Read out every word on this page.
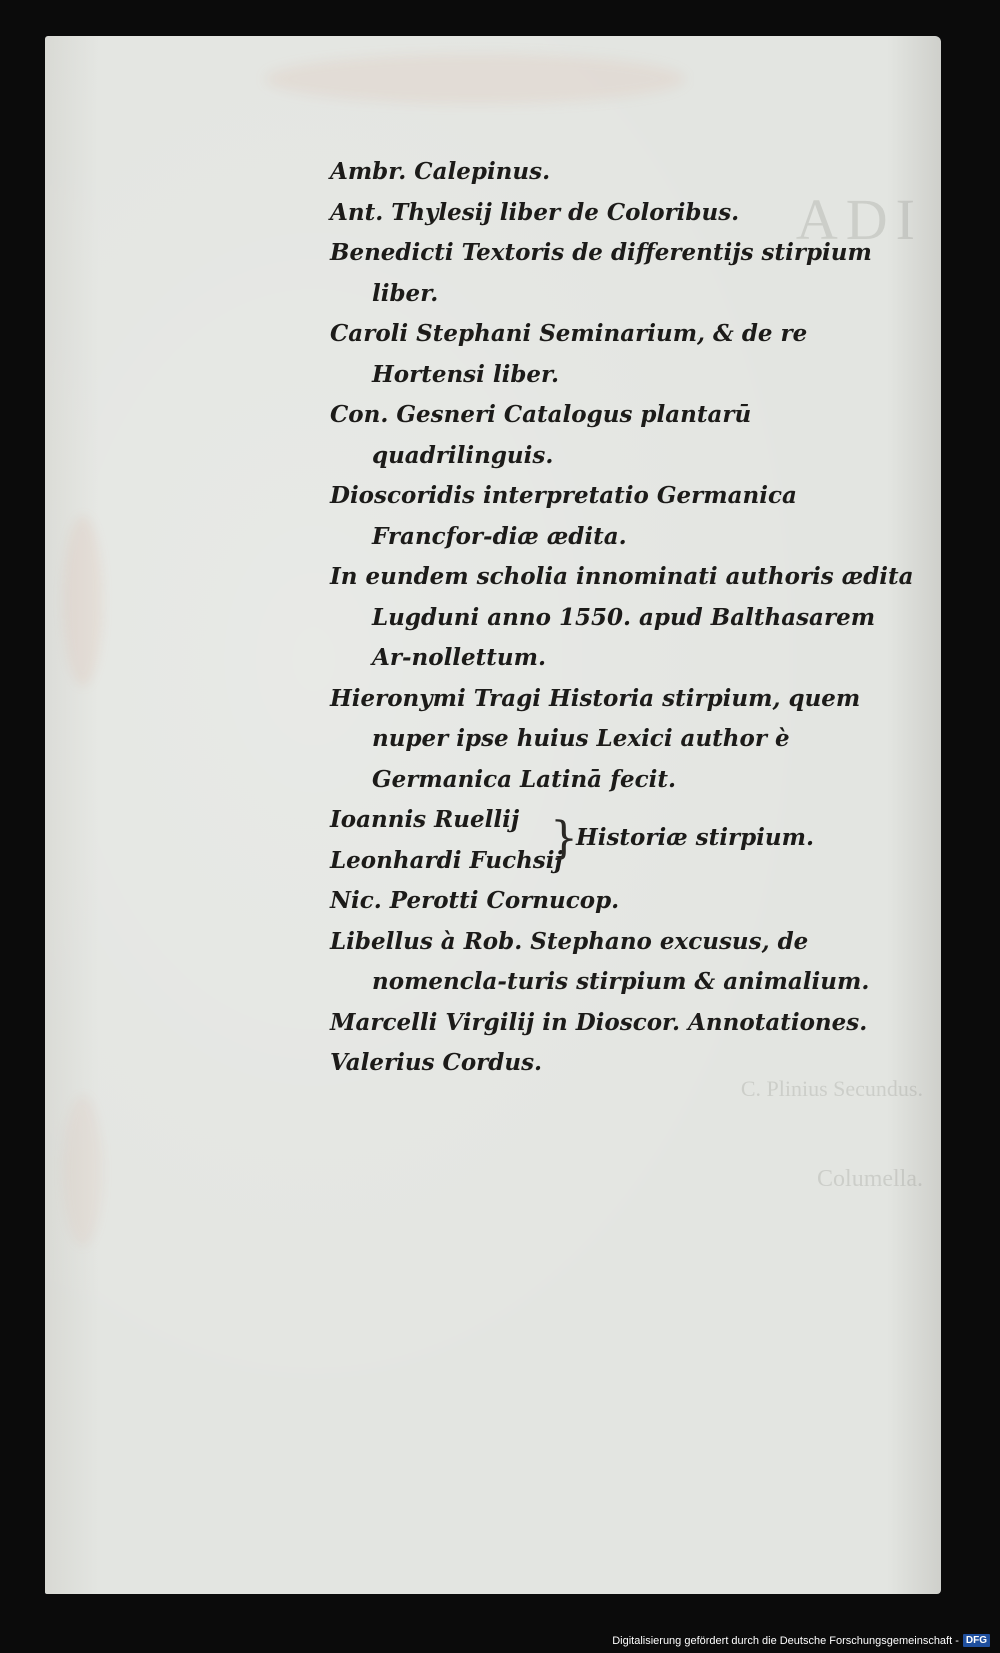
ADI
C. Plinius Secundus.
Columella.
Ambr. Calepinus.
Ant. Thylesij liber de Coloribus.
Benedicti Textoris de differentijs stirpium liber.
Caroli Stephani Seminarium, & de re Hortensi liber.
Con. Gesneri Catalogus plantarū quadrilinguis.
Dioscoridis interpretatio Germanica Francfor-diæ ædita.
In eundem scholia innominati authoris ædita Lugduni anno 1550. apud Balthasarem Ar-nollettum.
Hieronymi Tragi Historia stirpium, quem nuper ipse huius Lexici author è Germanica Latinā fecit.
Ioannis Ruellij
Leonhardi Fuchsij
}
Historiæ stirpium.
Nic. Perotti Cornucop.
Libellus à Rob. Stephano excusus, de nomencla-turis stirpium & animalium.
Marcelli Virgilij in Dioscor. Annotationes.
Valerius Cordus.
Digitalisierung gefördert durch die Deutsche Forschungsgemeinschaft - DFG
